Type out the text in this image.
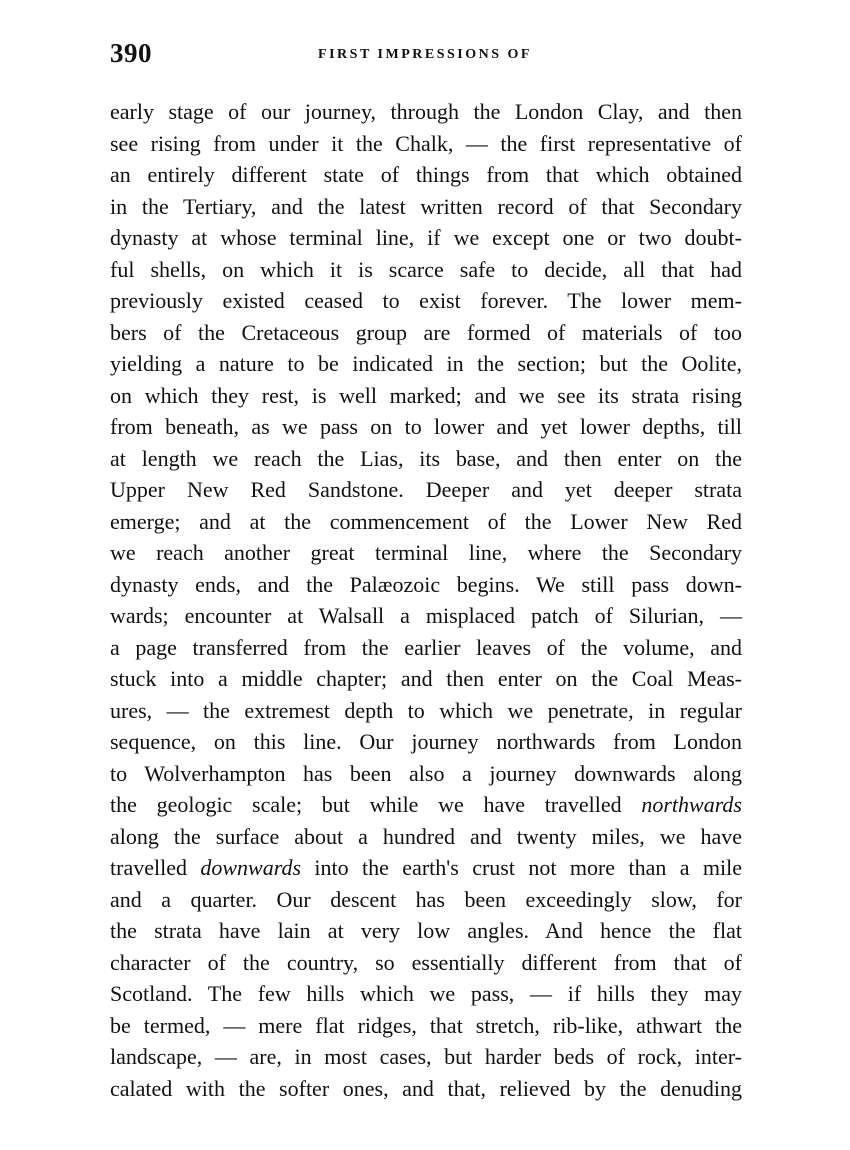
390	FIRST IMPRESSIONS OF
early stage of our journey, through the London Clay, and then
see rising from under it the Chalk, — the first representative of
an entirely different state of things from that which obtained
in the Tertiary, and the latest written record of that Secondary
dynasty at whose terminal line, if we except one or two doubt-
ful shells, on which it is scarce safe to decide, all that had
previously existed ceased to exist forever. The lower mem-
bers of the Cretaceous group are formed of materials of too
yielding a nature to be indicated in the section; but the Oolite,
on which they rest, is well marked; and we see its strata rising
from beneath, as we pass on to lower and yet lower depths, till
at length we reach the Lias, its base, and then enter on the
Upper New Red Sandstone. Deeper and yet deeper strata
emerge; and at the commencement of the Lower New Red
we reach another great terminal line, where the Secondary
dynasty ends, and the Palæozoic begins. We still pass down-
wards; encounter at Walsall a misplaced patch of Silurian, —
a page transferred from the earlier leaves of the volume, and
stuck into a middle chapter; and then enter on the Coal Meas-
ures, — the extremest depth to which we penetrate, in regular
sequence, on this line. Our journey northwards from London
to Wolverhampton has been also a journey downwards along
the geologic scale; but while we have travelled northwards
along the surface about a hundred and twenty miles, we have
travelled downwards into the earth's crust not more than a mile
and a quarter. Our descent has been exceedingly slow, for
the strata have lain at very low angles. And hence the flat
character of the country, so essentially different from that of
Scotland. The few hills which we pass, — if hills they may
be termed, — mere flat ridges, that stretch, rib-like, athwart the
landscape, — are, in most cases, but harder beds of rock, inter-
calated with the softer ones, and that, relieved by the denuding
